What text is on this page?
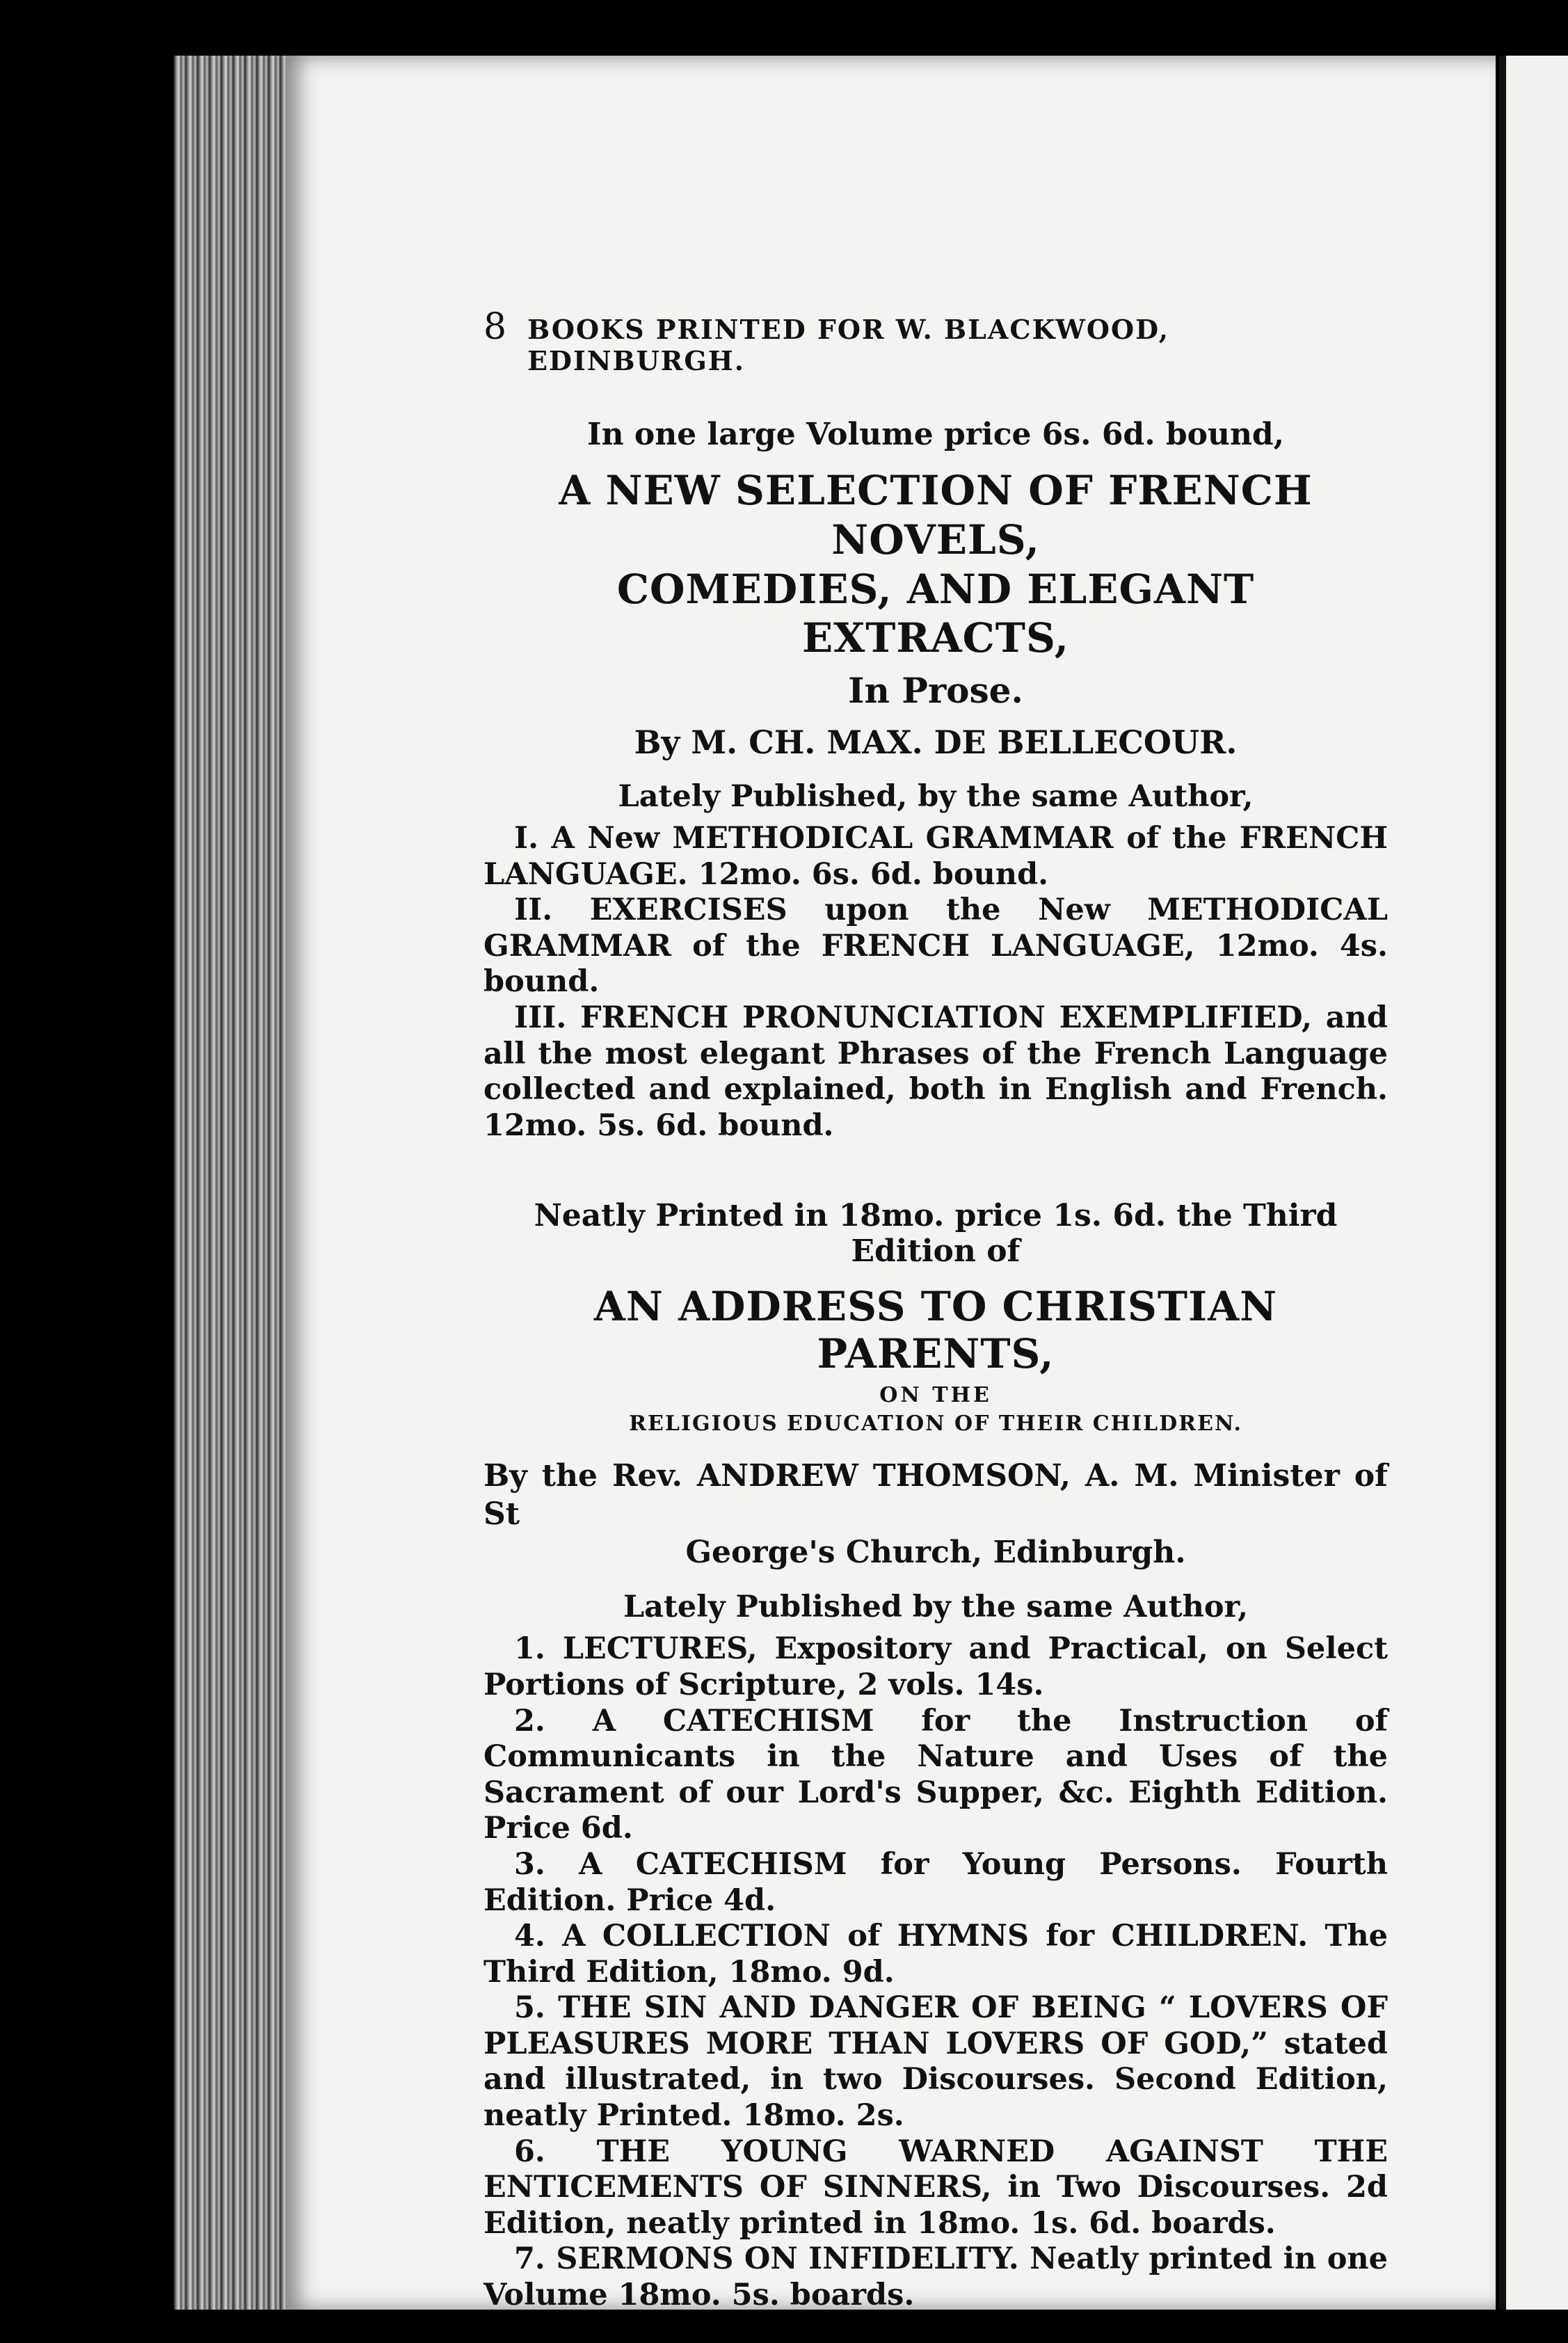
8 BOOKS PRINTED FOR W. BLACKWOOD, EDINBURGH.
In one large Volume price 6s. 6d. bound,
A NEW SELECTION OF FRENCH NOVELS,
COMEDIES, AND ELEGANT EXTRACTS,
In Prose.
By M. CH. MAX. DE BELLECOUR.
Lately Published, by the same Author,

I. A New METHODICAL GRAMMAR of the FRENCH LANGUAGE. 12mo. 6s. 6d. bound.

II. EXERCISES upon the New METHODICAL GRAMMAR of the FRENCH LANGUAGE, 12mo. 4s. bound.

III. FRENCH PRONUNCIATION EXEMPLIFIED, and all the most elegant Phrases of the French Language collected and explained, both in English and French. 12mo. 5s. 6d. bound.

Neatly Printed in 18mo. price 1s. 6d. the Third Edition of
AN ADDRESS TO CHRISTIAN PARENTS,
ON THE
RELIGIOUS EDUCATION OF THEIR CHILDREN.
By the Rev. ANDREW THOMSON, A. M. Minister of St
George's Church, Edinburgh.
Lately Published by the same Author,

1. LECTURES, Expository and Practical, on Select Portions of Scripture, 2 vols. 14s.

2. A CATECHISM for the Instruction of Communicants in the Nature and Uses of the Sacrament of our Lord's Supper, &c. Eighth Edition. Price 6d.

3. A CATECHISM for Young Persons. Fourth Edition. Price 4d.

4. A COLLECTION of HYMNS for CHILDREN. The Third Edition, 18mo. 9d.

5. THE SIN AND DANGER OF BEING “ LOVERS OF PLEASURES MORE THAN LOVERS OF GOD,” stated and illustrated, in two Discourses. Second Edition, neatly Printed. 18mo. 2s.

6. THE YOUNG WARNED AGAINST THE ENTICEMENTS OF SINNERS, in Two Discourses. 2d Edition, neatly printed in 18mo. 1s. 6d. boards.

7. SERMONS ON INFIDELITY. Neatly printed in one Volume 18mo. 5s. boards.
